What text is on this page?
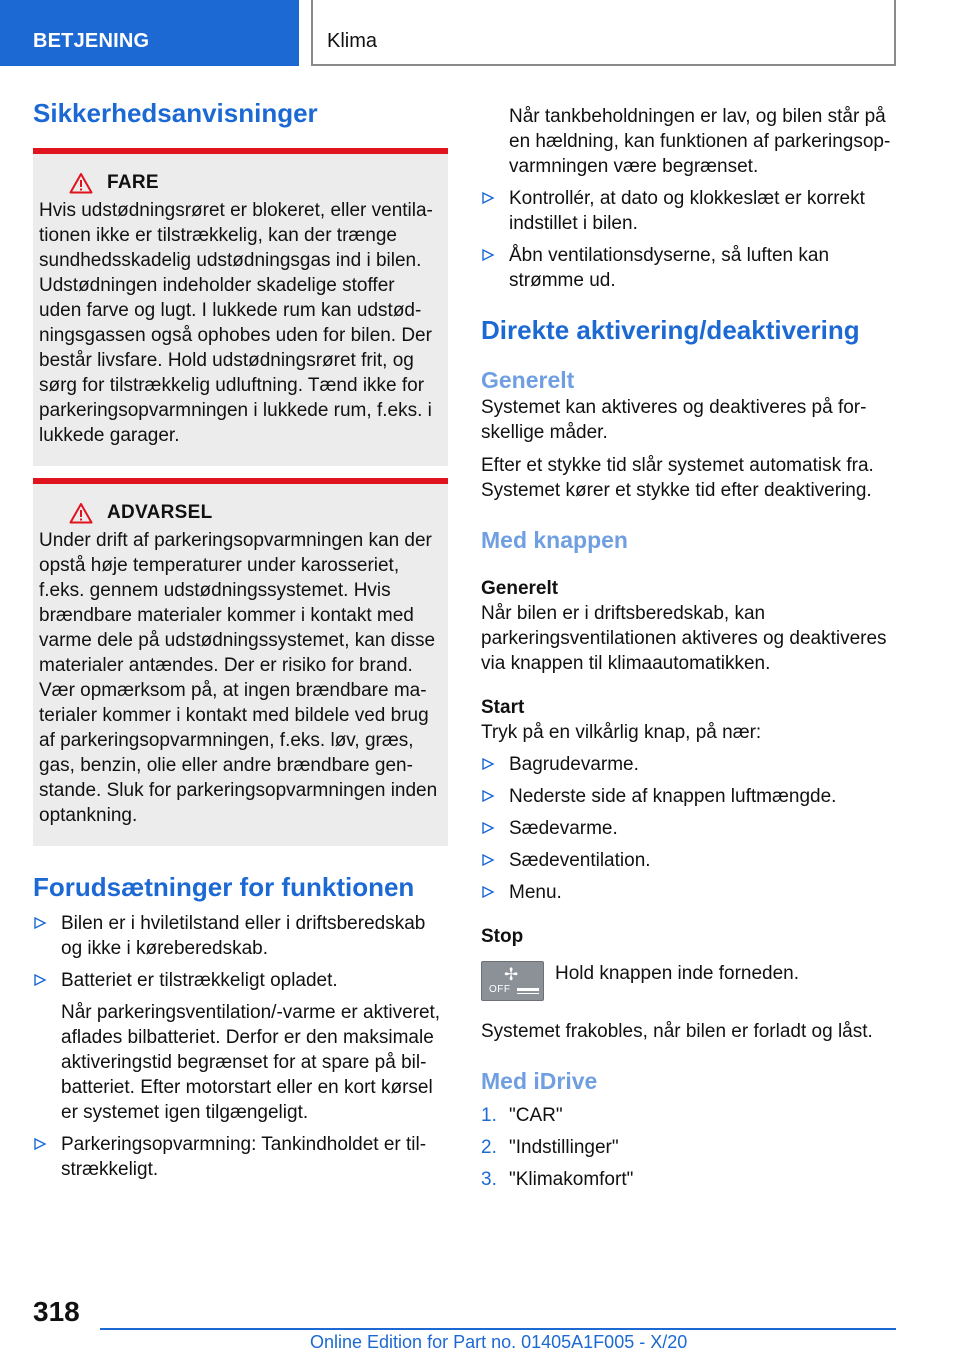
BETJENING	Klima
Sikkerhedsanvisninger
FARE

Hvis udstødningsrøret er blokeret, eller ventilationen ikke er tilstrækkelig, kan der trænge sundhedsskadelig udstødningsgas ind i bilen. Udstødningen indeholder skadelige stoffer uden farve og lugt. I lukkede rum kan udstødningsgassen også ophobes uden for bilen. Der består livsfare. Hold udstødningsrøret frit, og sørg for tilstrækkelig udluftning. Tænd ikke for parkeringsopvarmningen i lukkede rum, f.eks. i lukkede garager.

ADVARSEL

Under drift af parkeringsopvarmningen kan der opstå høje temperaturer under karosseriet, f.eks. gennem udstødningssystemet. Hvis brændbare materialer kommer i kontakt med varme dele på udstødningssystemet, kan disse materialer antændes. Der er risiko for brand. Vær opmærksom på, at ingen brændbare materialer kommer i kontakt med bildele ved brug af parkeringsopvarmningen, f.eks. løv, græs, gas, benzin, olie eller andre brændbare genstande. Sluk for parkeringsopvarmningen inden optankning.

Forudsætninger for funktionen
Bilen er i hviletilstand eller i driftsberedskab og ikke i køreberedskab.
Batteriet er tilstrækkeligt opladet.
Når parkeringsventilation/-varme er aktiveret, aflades bilbatteriet. Derfor er den maksimale aktiveringstid begrænset for at spare på bilbatteriet. Efter motorstart eller en kort kørsel er systemet igen tilgængeligt.
Parkeringsopvarmning: Tankindholdet er tilstrækkeligt.

Når tankbeholdningen er lav, og bilen står på en hældning, kan funktionen af parkeringsopvarmningen være begrænset.

Kontrollér, at dato og klokkeslæt er korrekt indstillet i bilen.
Åbn ventilationsdyserne, så luften kan strømme ud.
Direkte aktivering/deaktivering
Generelt

Systemet kan aktiveres og deaktiveres på forskellige måder.

Efter et stykke tid slår systemet automatisk fra. Systemet kører et stykke tid efter deaktivering.

Med knappen
Generelt

Når bilen er i driftsberedskab, kan parkeringsventilationen aktiveres og deaktiveres via knappen til klimaautomatikken.

Start

Tryk på en vilkårlig knap, på nær:

Bagrudevarme.
Nederste side af knappen luftmængde.
Sædevarme.
Sædeventilation.
Menu.
Stop
✢
OFF

Hold knappen inde forneden.

Systemet frakobles, når bilen er forladt og låst.

Med iDrive
1. "CAR"
2. "Indstillinger"
3. "Klimakomfort"
318
Online Edition for Part no. 01405A1F005 - X/20
